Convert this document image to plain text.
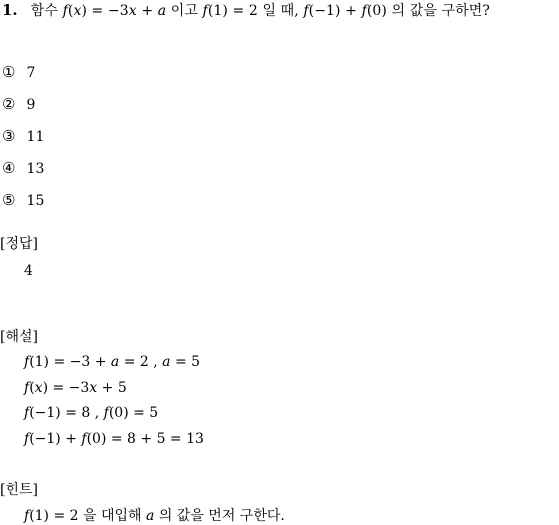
1. 함수 f(x) = −3x + a 이고 f(1) = 2 일 때, f(−1) + f(0) 의 값을 구하면?
① 7
② 9
③ 11
④ 13
⑤ 15
[정답]
4
[해설]
f(1) = −3 + a = 2 , a = 5
f(x) = −3x + 5
f(−1) = 8 , f(0) = 5
f(−1) + f(0) = 8 + 5 = 13
[힌트]
f(1) = 2 을 대입해 a 의 값을 먼저 구한다.
